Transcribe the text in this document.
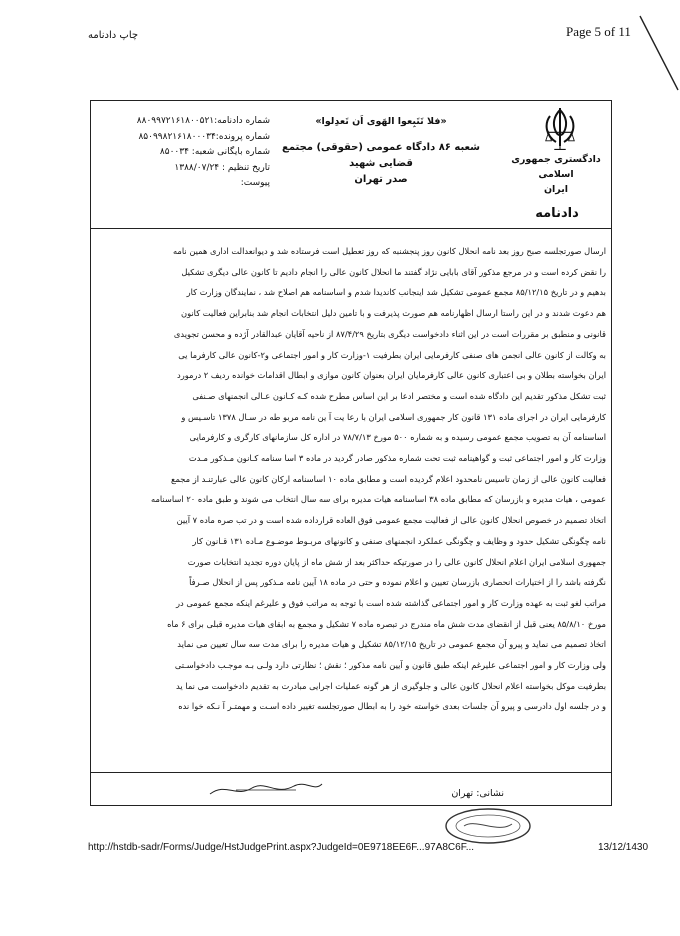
چاپ دادنامه	Page 5 of 11
دادگستری جمهوری اسلامی
ایران
«فلا تَتَبِعوا الهَوی اَن تَعدِلوا»
شعبه ۸۶ دادگاه عمومی (حقوقی) مجتمع قضایی شهید
صدر تهران
شماره دادنامه:۸۸۰۹۹۷۲۱۶۱۸۰۰۵۲۱
شماره پرونده:۸۵۰۹۹۸۲۱۶۱۸۰۰۰۳۴
شماره بایگانی شعبه: ۸۵۰۰۳۴
تاریخ تنظیم : ۱۳۸۸/۰۷/۲۴
پیوست:
دادنامه

ارسال صورتجلسه صبح روز بعد نامه انحلال کانون روز پنجشنبه که روز تعطیل است فرستاده شد و دیوانعدالت اداری همین نامه

را نقض کرده است و در مرجع مذکور آقای بابایی نژاد گفتند ما انحلال کانون عالی را انجام دادیم تا کانون عالی دیگری تشکیل

بدهیم و در تاریخ ۸۵/۱۲/۱۵ مجمع عمومی تشکیل شد اینجانب کاندیدا شدم و اساسنامه هم اصلاح شد ، نمایندگان وزارت کار

هم دعوت شدند و در این راستا ارسال اظهارنامه هم صورت پذیرفت و با تامین دلیل انتخابات انجام شد بنابراین فعالیت کانون

قانونی و منطبق بر مقررات است در این اثناء دادخواست دیگری بتاریخ ۸۷/۴/۲۹ از ناحیه آقایان عبدالقادر آژده و محسن تجویدی

به وکالت از کانون عالی انجمن های صنفی کارفرمایی ایران بطرفیت ۱-وزارت کار و امور اجتماعی و۲-کانون عالی کارفرما یی

ایران بخواسته بطلان و بی اعتباری کانون عالی کارفرمایان ایران بعنوان کانون موازی و ابطال اقدامات خوانده ردیف ۲ درمورد

ثبت تشکل مذکور تقدیم این دادگاه شده است و مختصر ادعا بر این اساس مطرح شده کـه کـانون عـالی انجمنهای صـنفی

کارفرمایی ایران در اجرای ماده ۱۳۱ قانون کار جمهوری اسلامی ایران با رعا یت آ ین نامه مربو طه در سـال ۱۳۷۸ تاسـیس و

اساسنامه آن به تصویب مجمع عمومی رسیده و به شماره ۵۰۰ مورخ ۷۸/۷/۱۳ در اداره کل سازمانهای کارگری و کارفرمایی

وزارت کار و امور اجتماعی ثبت و گواهینامه ثبت تحت شماره مذکور صادر گردید در ماده ۳ اسا سنامه کـانون مـذکور مـدت

فعالیت کانون عالی از زمان تاسیس نامحدود اعلام گردیده است و مطابق ماده ۱۰ اساسنامه ارکان کانون عالی عبارتنـد از مجمع

عمومی ، هیات مدیره و بازرسان که مطابق ماده ۳۸ اساسنامه هیات مدیره برای سه سال انتخاب می شوند و طبق ماده ۲۰ اساسنامه

اتخاذ تصمیم در خصوص انحلال کانون عالی از فعالیت مجمع عمومی فوق العاده قرارداده شده است و در تب صره ماده ۷ آیین

نامه چگونگی تشکیل حدود و وظایف و چگونگی عملکرد انجمنهای صنفی و کانونهای مربـوط موضـوع مـاده ۱۳۱ قـانون کار

جمهوری اسلامی ایران اعلام انحلال کانون عالی را در صورتیکه حداکثر بعد از شش ماه از پایان دوره تجدید انتخابات صورت

نگرفته باشد را از اختیارات انحصاری بازرسان تعیین و اعلام نموده و حتی در ماده ۱۸ آیین نامه مـذکور پس از انحلال صـرفاً

مراتب لغو ثبت به عهده وزارت کار و امور اجتماعی گذاشته شده است با توجه به مراتب فوق و علیرغم اینکه مجمع عمومی در

مورخ ۸۵/۸/۱۰ یعنی قبل از انقضای مدت شش ماه مندرج در تبصره ماده ۷ تشکیل و مجمع به ابقای هیات مدیره قبلی برای ۶ ماه

اتخاذ تصمیم می نماید و پیرو آن مجمع عمومی در تاریخ ۸۵/۱۲/۱۵ تشکیل و هیات مدیره را برای مدت سه سال تعیین می نماید

ولی وزارت کار و امور اجتماعی علیرغم اینکه طبق قانون و آیین نامه مذکور ؛ نقش ؛ نظارتی دارد ولـی بـه موجـب دادخواسـتی

بطرفیت موکل بخواسته اعلام انحلال کانون عالی و جلوگیری از هر گونه عملیات اجرایی مبادرت به تقدیم دادخواست می نما ید

و در جلسه اول دادرسی و پیرو آن جلسات بعدی خواسته خود را به ابطال صورتجلسه تغییر داده اسـت و مهمتـر آ نـکه خوا نده

نشانی: تهران
http://hstdb-sadr/Forms/Judge/HstJudgePrint.aspx?JudgeId=0E9718EE6F...97A8C6F...	13/12/1430
